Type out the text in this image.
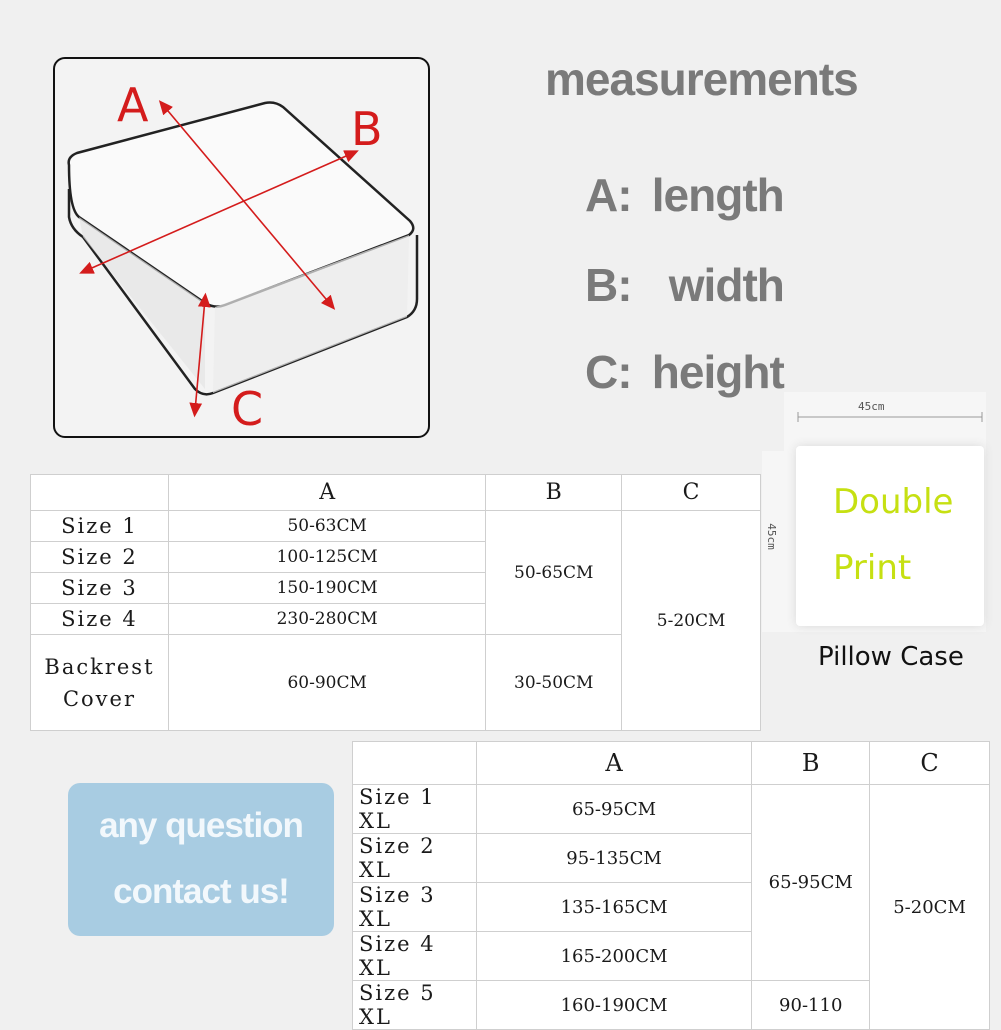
A	B
C
measurements
A: length
B: width
C: height
	A	B	C
Size 1	50-63CM	50-65CM	5-20CM
Size 2	100-125CM		
Size 3	150-190CM		
Size 4	230-280CM		
Backrest
Cover	60-90CM	30-50CM	
	A	B	C
Size 1 XL	65-95CM	65-95CM	5-20CM
Size 2 XL	95-135CM		
Size 3 XL	135-165CM		
Size 4 XL	165-200CM		
Size 5 XL	160-190CM	90-110	
any question
contact us!
45cm
45cm
Double
Print
Pillow Case
